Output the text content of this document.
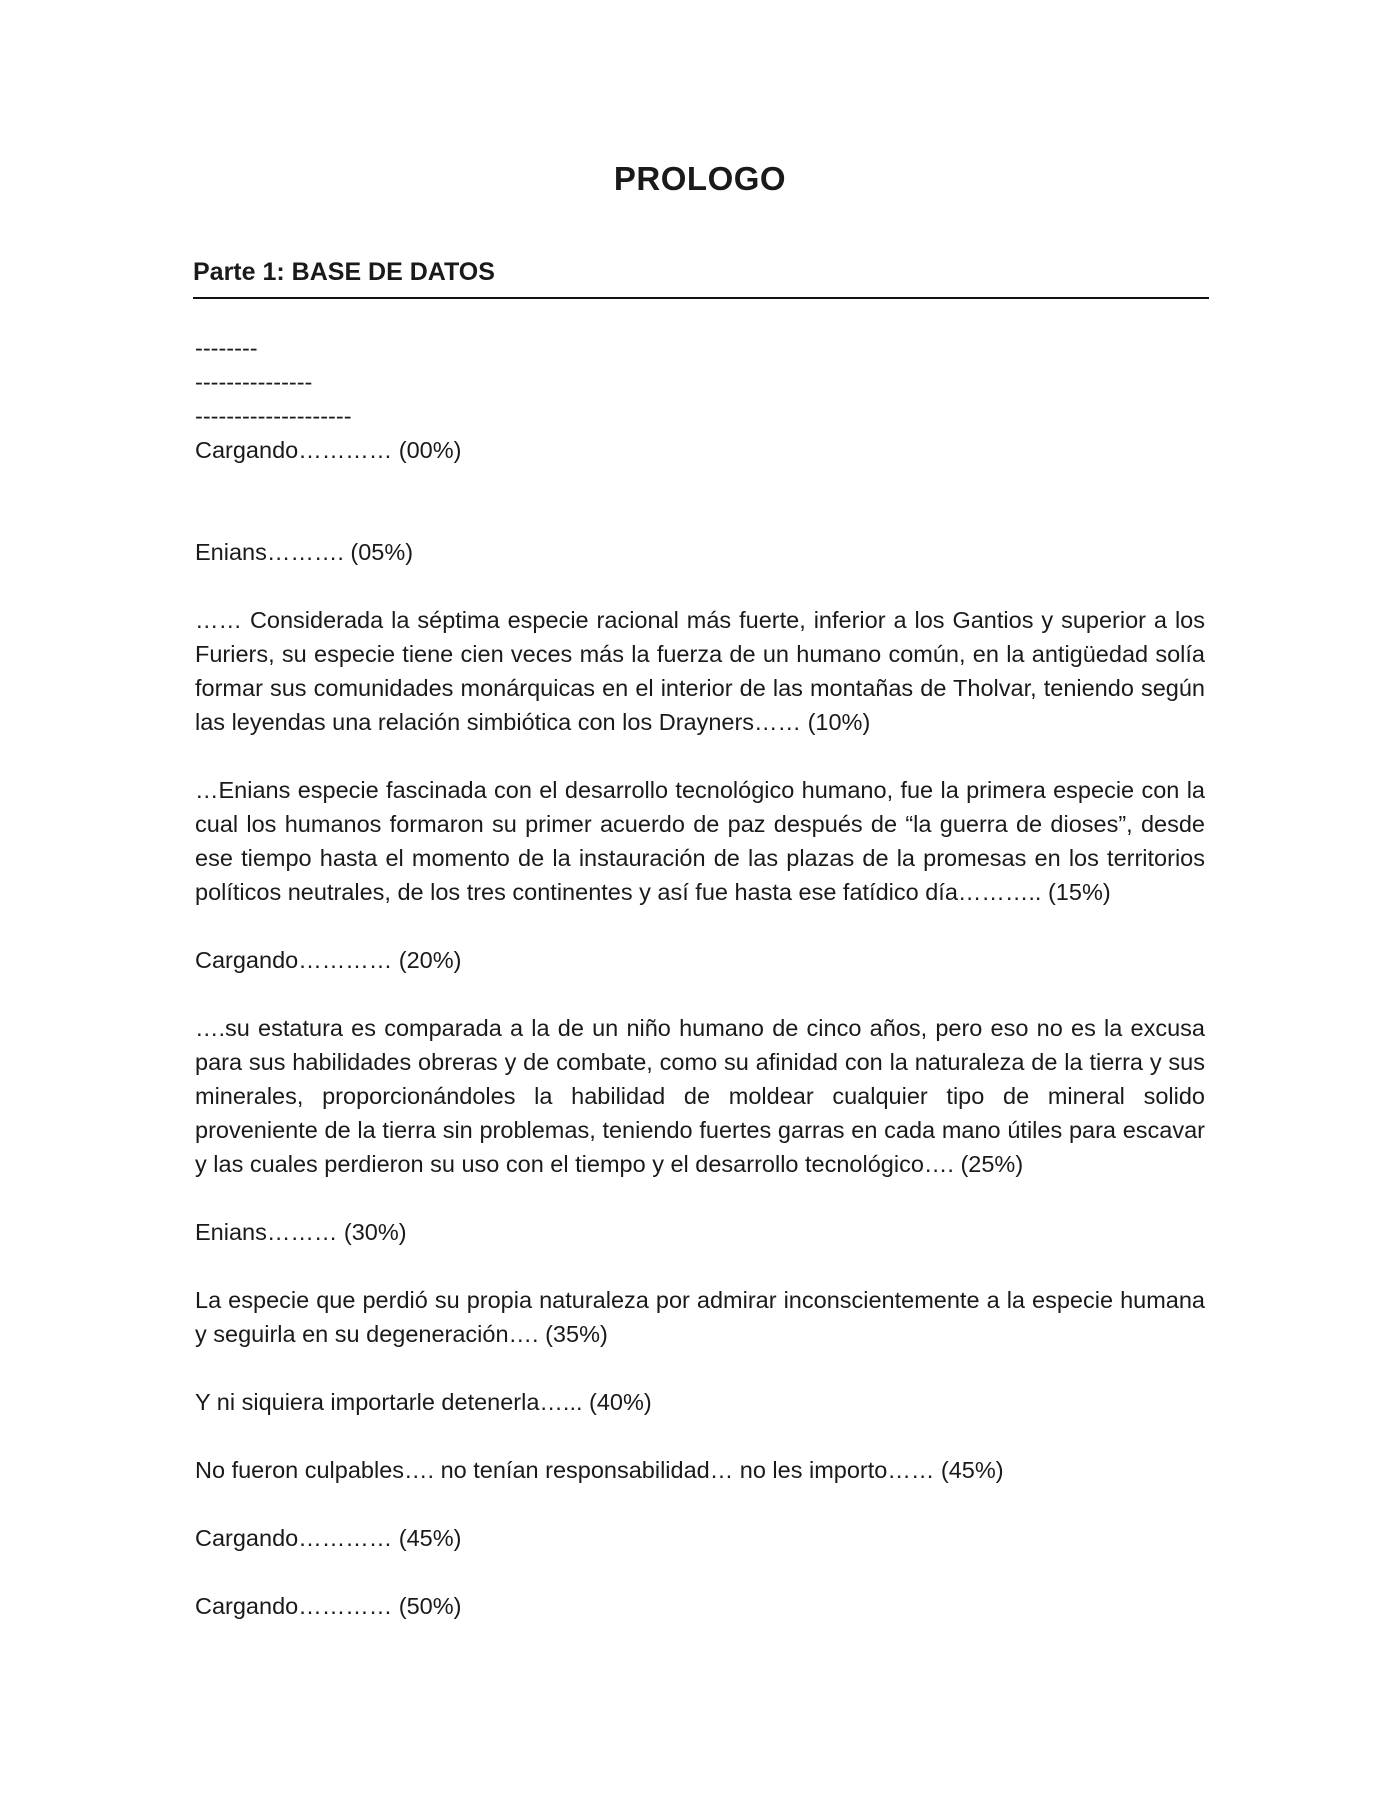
PROLOGO
Parte 1: BASE DE DATOS

--------

---------------

--------------------

Cargando………… (00%)

Enians………. (05%)

…… Considerada la séptima especie racional más fuerte, inferior a los Gantios y superior a los Furiers, su especie tiene cien veces más la fuerza de un humano común, en la antigüedad solía formar sus comunidades monárquicas en el interior de las montañas de Tholvar, teniendo según las leyendas una relación simbiótica con los Drayners…… (10%)

…Enians especie fascinada con el desarrollo tecnológico humano, fue la primera especie con la cual los humanos formaron su primer acuerdo de paz después de “la guerra de dioses”, desde ese tiempo hasta el momento de la instauración de las plazas de la promesas en los territorios políticos neutrales, de los tres continentes y así fue hasta ese fatídico día……….. (15%)

Cargando………… (20%)

….su estatura es comparada a la de un niño humano de cinco años, pero eso no es la excusa para sus habilidades obreras y de combate, como su afinidad con la naturaleza de la tierra y sus minerales, proporcionándoles la habilidad de moldear cualquier tipo de mineral solido proveniente de la tierra sin problemas, teniendo fuertes garras en cada mano útiles para escavar y las cuales perdieron su uso con el tiempo y el desarrollo tecnológico…. (25%)

Enians……… (30%)

La especie que perdió su propia naturaleza por admirar inconscientemente a la especie humana y seguirla en su degeneración…. (35%)

Y ni siquiera importarle detenerla…... (40%)

No fueron culpables…. no tenían responsabilidad… no les importo…… (45%)

Cargando………… (45%)

Cargando………… (50%)
